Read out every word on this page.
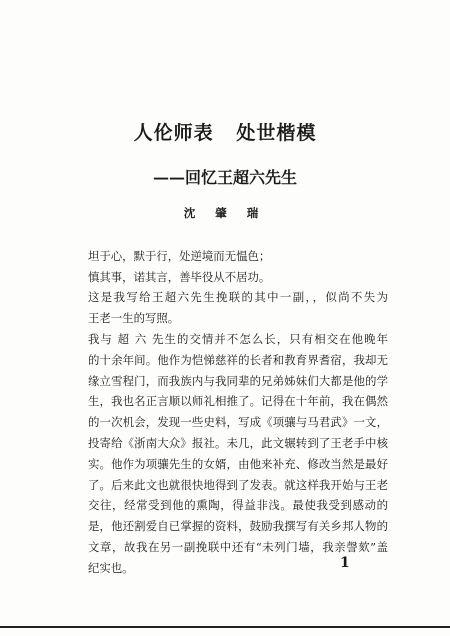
人伦师表   处世楷模
——回忆王超六先生
沈 肇 瑞
坦于心，默于行，处逆境而无愠色；
慎其事，诺其言，善毕役从不居功。
这是我写给王超六先生挽联的其中一副，，似尚不失为
王老一生的写照。
我与 超 六 先生的交情并不怎么长，只有相交在他晚年
的十余年间。他作为恺悌慈祥的长者和教育界耆宿，我却无
缘立雪程门，而我族内与我同辈的兄弟姊妹们大都是他的学
生，我也名正言顺以师礼相推了。记得在十年前，我在偶然
的一次机会，发现一些史料，写成《项骧与马君武》一文，
投寄给《浙南大众》报社。未几，此文辗转到了王老手中核
实。他作为项骧先生的女婿，由他来补充、修改当然是最好
了。后来此文也就很快地得到了发表。就这样我开始与王老
交往，经常受到他的熏陶，得益非浅。最使我受到感动的
是，他还割爱自已掌握的资料，鼓励我撰写有关乡邦人物的
文章，故我在另一副挽联中还有“未列门墙，我亲謦欬”盖
纪实也。	1
